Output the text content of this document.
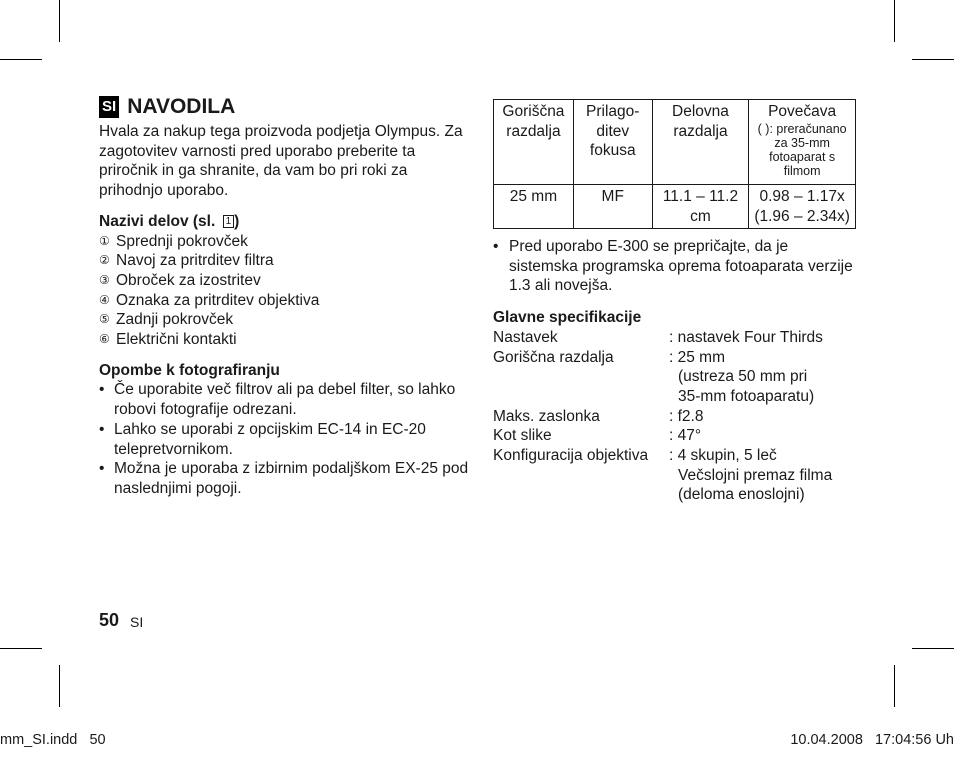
SI NAVODILA

Hvala za nakup tega proizvoda podjetja Olympus. Za zagotovitev varnosti pred uporabo preberite ta priročnik in ga shranite, da vam bo pri roki za prihodnjo uporabo.

Nazivi delov (sl. 1 )
① Sprednji pokrovček
② Navoj za pritrditev filtra
③ Obroček za izostritev
④ Oznaka za pritrditev objektiva
⑤ Zadnji pokrovček
⑥ Električni kontakti
Opombe k fotografiranju
• Če uporabite več filtrov ali pa debel filter, so lahko robovi fotografije odrezani.
• Lahko se uporabi z opcijskim EC-14 in EC-20 telepretvornikom.
• Možna je uporaba z izbirnim podaljškom EX-25 pod naslednjimi pogoji.
50 SI
Goriščna razdalja	Prilago-ditev fokusa	Delovna razdalja	Povečava
( ): preračunano za 35-mm fotoaparat s filmom

25 mm	MF	11.1 – 11.2 cm	0.98 – 1.17x
(1.96 – 2.34x)
• Pred uporabo E-300 se prepričajte, da je sistemska programska oprema fotoaparata verzije 1.3 ali novejša.
Glavne specifikacije
Nastavek	: nastavek Four Thirds
Goriščna razdalja	: 25 mm
(ustreza 50 mm pri
35-mm fotoaparatu)
Maks. zaslonka	: f2.8
Kot slike	: 47°
Konfiguracija objektiva	: 4 skupin, 5 leč
Večslojni premaz filma
(deloma enoslojni)
mm_SI.indd   50	10.04.2008   17:04:56 Uh
